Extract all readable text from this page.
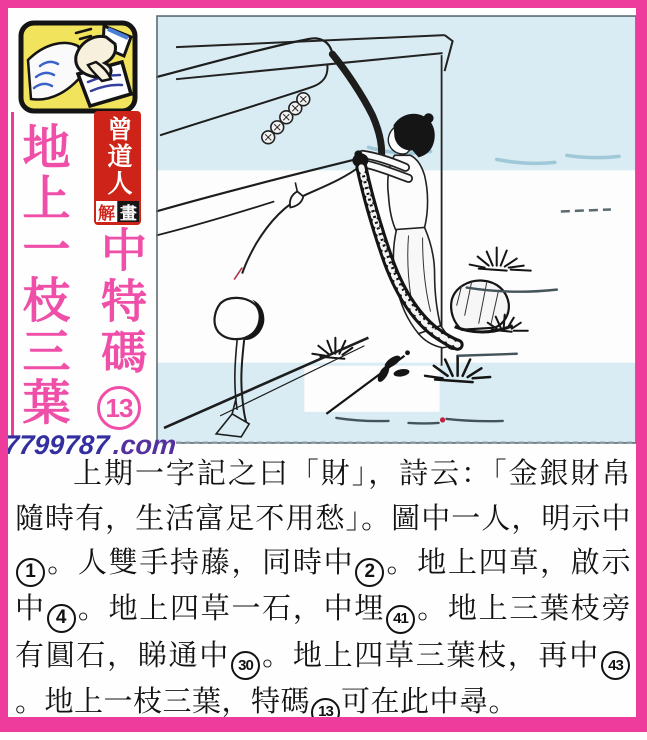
地上一枝三葉	曾道人
解 畫
中特碼
13
7799787.com
上期一字記之曰「財」，詩云：「金銀財帛隨時有，生活富足不用愁」。圖中一人，明示中1 。人雙手持藤，同時中 2 。地上四草，啟示中 4 。地上四草一石，中埋 41 。地上三葉枝旁有圓石，睇通中 30 。地上四草三葉枝，再中 43。地上一枝三葉，特碼 13 可在此中尋。
